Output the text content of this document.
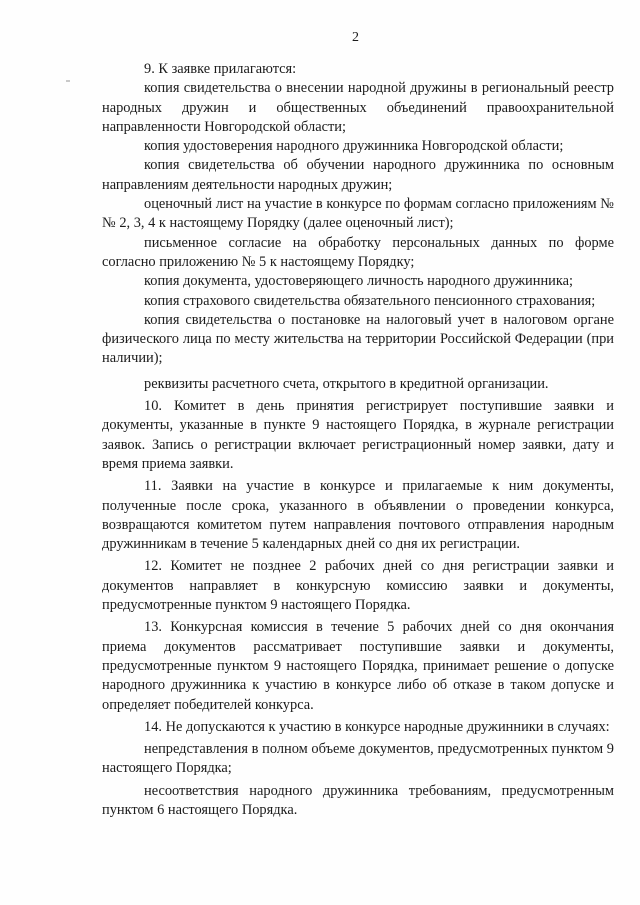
2

9. К заявке прилагаются:

копия свидетельства о внесении народной дружины в региональный реестр народных дружин и общественных объединений правоохранительной направленности Новгородской области;

копия удостоверения народного дружинника Новгородской области;

копия свидетельства об обучении народного дружинника по основным направлениям деятельности народных дружин;

оценочный лист на участие в конкурсе по формам согласно приложениям №№ 2, 3, 4 к настоящему Порядку (далее оценочный лист);

письменное согласие на обработку персональных данных по форме согласно приложению № 5 к настоящему Порядку;

копия документа, удостоверяющего личность народного дружинника;

копия страхового свидетельства обязательного пенсионного страхования;

копия свидетельства о постановке на налоговый учет в налоговом органе физического лица по месту жительства на территории Российской Федерации (при наличии);

реквизиты расчетного счета, открытого в кредитной организации.

10. Комитет в день принятия регистрирует поступившие заявки и документы, указанные в пункте 9 настоящего Порядка, в журнале регистрации заявок. Запись о регистрации включает регистрационный номер заявки, дату и время приема заявки.

11. Заявки на участие в конкурсе и прилагаемые к ним документы, полученные после срока, указанного в объявлении о проведении конкурса, возвращаются комитетом путем направления почтового отправления народным дружинникам в течение 5 календарных дней со дня их регистрации.

12. Комитет не позднее 2 рабочих дней со дня регистрации заявки и документов направляет в конкурсную комиссию заявки и документы, предусмотренные пунктом 9 настоящего Порядка.

13. Конкурсная комиссия в течение 5 рабочих дней со дня окончания приема документов рассматривает поступившие заявки и документы, предусмотренные пунктом 9 настоящего Порядка, принимает решение о допуске народного дружинника к участию в конкурсе либо об отказе в таком допуске и определяет победителей конкурса.

14. Не допускаются к участию в конкурсе народные дружинники в случаях:

непредставления в полном объеме документов, предусмотренных пунктом 9 настоящего Порядка;

несоответствия народного дружинника требованиям, предусмотренным пунктом 6 настоящего Порядка.
